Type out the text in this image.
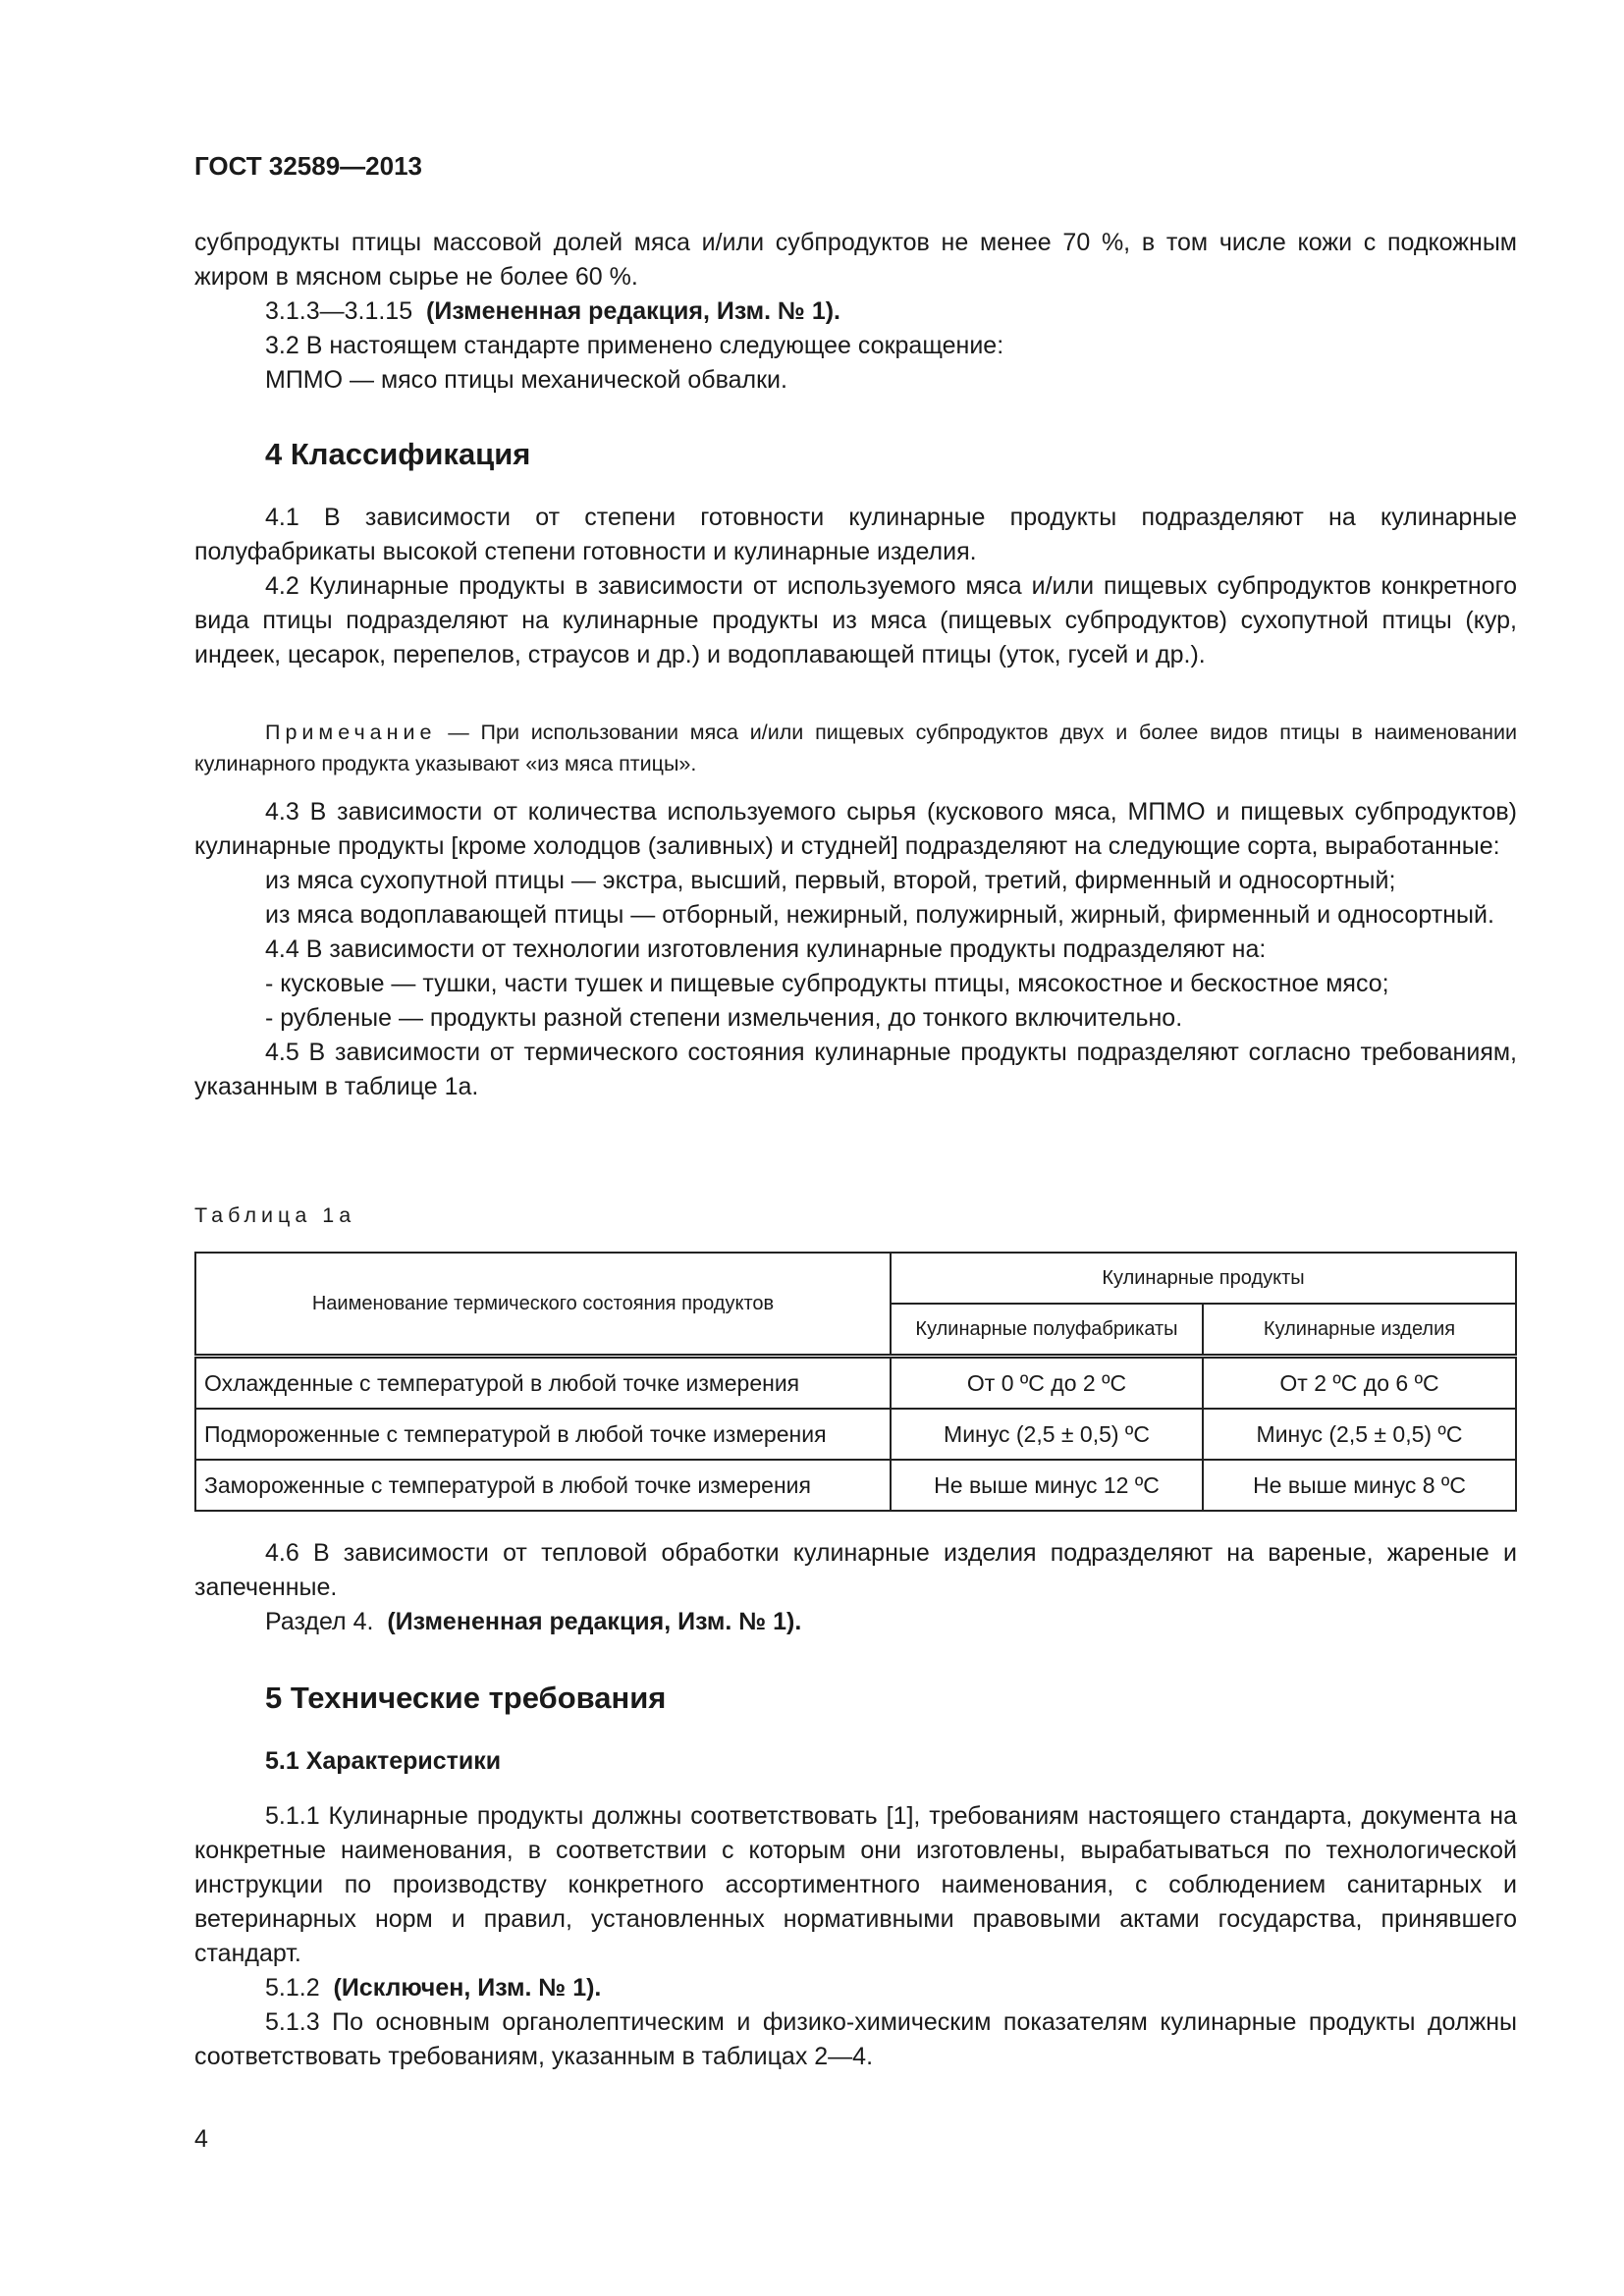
ГОСТ 32589—2013

субпродукты птицы массовой долей мяса и/или субпродуктов не менее 70 %, в том числе кожи с подкожным жиром в мясном сырье не более 60 %.

3.1.3—3.1.15 (Измененная редакция, Изм. № 1).

3.2 В настоящем стандарте применено следующее сокращение:

МПМО — мясо птицы механической обвалки.

4 Классификация

4.1 В зависимости от степени готовности кулинарные продукты подразделяют на кулинарные полуфабрикаты высокой степени готовности и кулинарные изделия.

4.2 Кулинарные продукты в зависимости от используемого мяса и/или пищевых субпродуктов конкретного вида птицы подразделяют на кулинарные продукты из мяса (пищевых субпродуктов) сухопутной птицы (кур, индеек, цесарок, перепелов, страусов и др.) и водоплавающей птицы (уток, гусей и др.).

Примечание — При использовании мяса и/или пищевых субпродуктов двух и более видов птицы в наименовании кулинарного продукта указывают «из мяса птицы».

4.3 В зависимости от количества используемого сырья (кускового мяса, МПМО и пищевых субпродуктов) кулинарные продукты [кроме холодцов (заливных) и студней] подразделяют на следующие сорта, выработанные:

из мяса сухопутной птицы — экстра, высший, первый, второй, третий, фирменный и односортный;

из мяса водоплавающей птицы — отборный, нежирный, полужирный, жирный, фирменный и односортный.

4.4 В зависимости от технологии изготовления кулинарные продукты подразделяют на:

- кусковые — тушки, части тушек и пищевые субпродукты птицы, мясокостное и бескостное мясо;

- рубленые — продукты разной степени измельчения, до тонкого включительно.

4.5 В зависимости от термического состояния кулинарные продукты подразделяют согласно требованиям, указанным в таблице 1а.

Таблица 1а

Наименование термического состояния продуктов	Кулинарные продукты	
	Кулинарные полуфабрикаты	Кулинарные изделия
Охлажденные с температурой в любой точке измерения	От 0 ºС до 2 ºС	От 2 ºС до 6 ºС
Подмороженные с температурой в любой точке измерения	Минус (2,5 ± 0,5) ºС	Минус (2,5 ± 0,5) ºС
Замороженные с температурой в любой точке измерения	Не выше минус 12 ºС	Не выше минус 8 ºС

4.6 В зависимости от тепловой обработки кулинарные изделия подразделяют на вареные, жареные и запеченные.

Раздел 4. (Измененная редакция, Изм. № 1).

5 Технические требования
5.1 Характеристики

5.1.1 Кулинарные продукты должны соответствовать [1], требованиям настоящего стандарта, документа на конкретные наименования, в соответствии с которым они изготовлены, вырабатываться по технологической инструкции по производству конкретного ассортиментного наименования, с соблюдением санитарных и ветеринарных норм и правил, установленных нормативными правовыми актами государства, принявшего стандарт.

5.1.2 (Исключен, Изм. № 1).

5.1.3 По основным органолептическим и физико-химическим показателям кулинарные продукты должны соответствовать требованиям, указанным в таблицах 2—4.

4
